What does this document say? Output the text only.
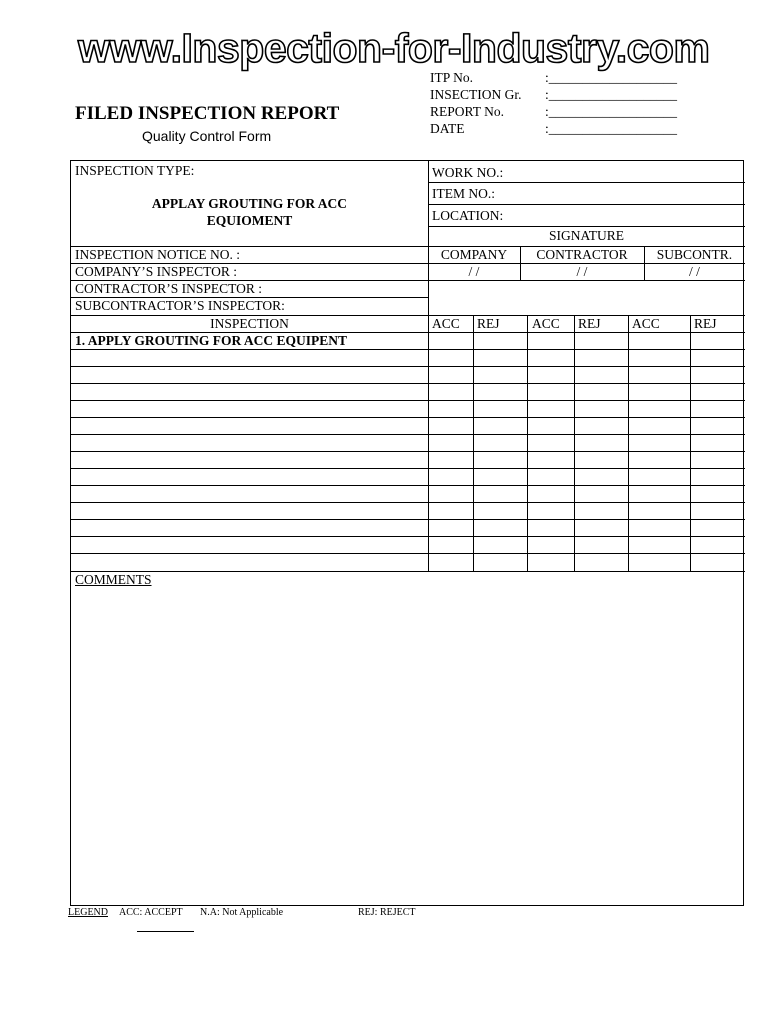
www.Inspection-for-Industry.com
FILED INSPECTION REPORT
Quality Control Form
ITP No.	:___________________
INSECTION Gr. :___________________
REPORT No.	:___________________
DATE	:___________________
INSPECTION TYPE:
APPLAY GROUTING FOR ACC
EQUIOMENT
WORK NO.:
ITEM NO.:
LOCATION:
SIGNATURE
COMPANY	CONTRACTOR	SUBCONTR.
/ /	/ /	/ /
INSPECTION NOTICE NO. :
COMPANY’S INSPECTOR :
CONTRACTOR’S INSPECTOR :
SUBCONTRACTOR’S INSPECTOR:
INSPECTION	ACC REJ ACC REJ ACC	REJ
1. APPLY GROUTING FOR ACC EQUIPENT
COMMENTS
LEGEND ACC: ACCEPT N.A: Not Applicable	REJ: REJECT
